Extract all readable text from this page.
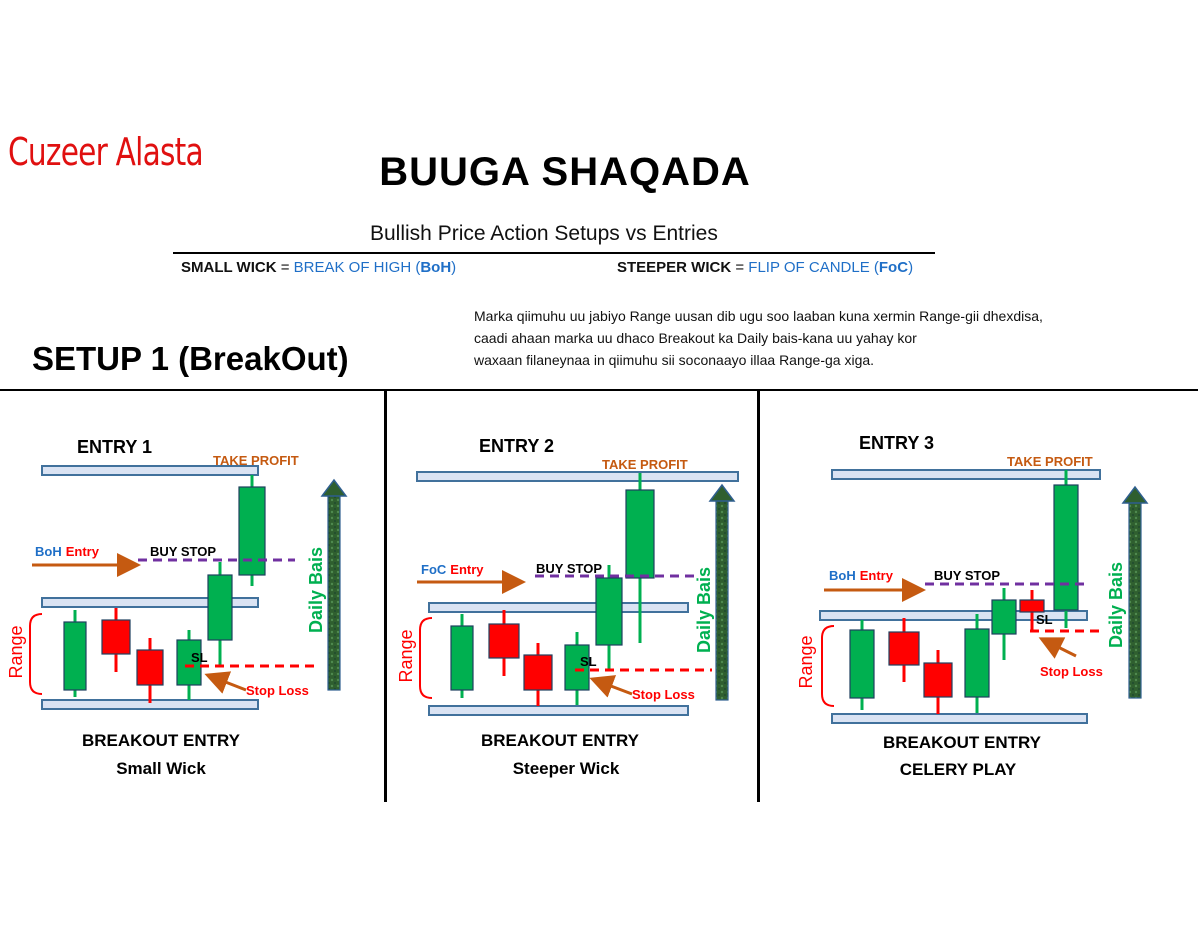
Cuzeer Alasta	BUUGA SHAQADA
Bullish Price Action Setups vs Entries
SMALL WICK = BREAK OF HIGH (BoH)	STEEPER WICK = FLIP OF CANDLE (FoC)
SETUP 1 (BreakOut)
Marka qiimuhu uu jabiyo Range uusan dib ugu soo laaban kuna xermin Range-gii dhexdisa,
caadi ahaan marka uu dhaco Breakout ka Daily bais-kana uu yahay kor
waxaan filaneynaa in qiimuhu sii soconaayo illaa Range-ga xiga.
Range
BoH Entry	BUY STOP
SL
Stop Loss
Daily Bais
ENTRY 1
TAKE PROFIT
BREAKOUT ENTRY
Small Wick
Range
FoC Entry	BUY STOP
SL
Stop Loss
Daily Bais
ENTRY 2
TAKE PROFIT
BREAKOUT ENTRY
Steeper Wick
Range
BoH Entry	BUY STOP
SL
Stop Loss
Daily Bais
ENTRY 3
TAKE PROFIT
BREAKOUT ENTRY
CELERY PLAY
